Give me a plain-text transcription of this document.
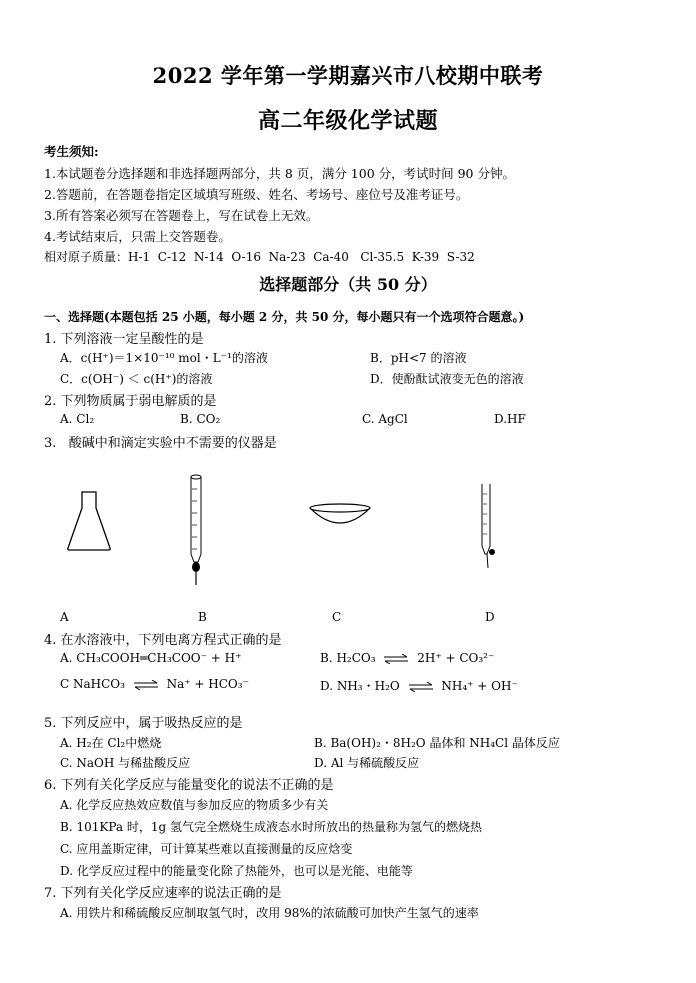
2022 学年第一学期嘉兴市八校期中联考
高二年级化学试题
考生须知:
1.本试题卷分选择题和非选择题两部分，共 8 页，满分 100 分，考试时间 90 分钟。
2.答题前，在答题卷指定区域填写班级、姓名、考场号、座位号及准考证号。
3.所有答案必须写在答题卷上，写在试卷上无效。
4.考试结束后，只需上交答题卷。
相对原子质量：H-1  C-12  N-14  O-16  Na-23  Ca-40   Cl-35.5  K-39  S-32
选择题部分（共 50 分）
一、选择题(本题包括 25 小题，每小题 2 分，共 50 分，每小题只有一个选项符合题意。)
1. 下列溶液一定呈酸性的是
A．c(H⁺)＝1×10⁻¹⁰ mol・L⁻¹的溶液	B．pH<7 的溶液
C．c(OH⁻) ＜ c(H⁺)的溶液	D．使酚酞试液变无色的溶液
2. 下列物质属于弱电解质的是
A. Cl₂	B. CO₂	C. AgCl	D.HF
3.   酸碱中和滴定实验中不需要的仪器是
A	B	C	D
4. 在水溶液中，下列电离方程式正确的是
A. CH₃COOH═CH₃COO⁻ + H⁺	B. H₂CO₃ ⇌ 2H⁺ + CO₃²⁻
C NaHCO₃ ⇌ Na⁺ + HCO₃⁻	D. NH₃・H₂O ⇌ NH₄⁺ + OH⁻
5. 下列反应中，属于吸热反应的是
A. H₂在 Cl₂中燃烧	B. Ba(OH)₂・8H₂O 晶体和 NH₄Cl 晶体反应
C. NaOH 与稀盐酸反应	D. Al 与稀硫酸反应
6. 下列有关化学反应与能量变化的说法不正确的是
A. 化学反应热效应数值与参加反应的物质多少有关
B. 101KPa 时，1g 氢气完全燃烧生成液态水时所放出的热量称为氢气的燃烧热
C. 应用盖斯定律，可计算某些难以直接测量的反应焓变
D. 化学反应过程中的能量变化除了热能外，也可以是光能、电能等
7. 下列有关化学反应速率的说法正确的是
A. 用铁片和稀硫酸反应制取氢气时，改用 98%的浓硫酸可加快产生氢气的速率
